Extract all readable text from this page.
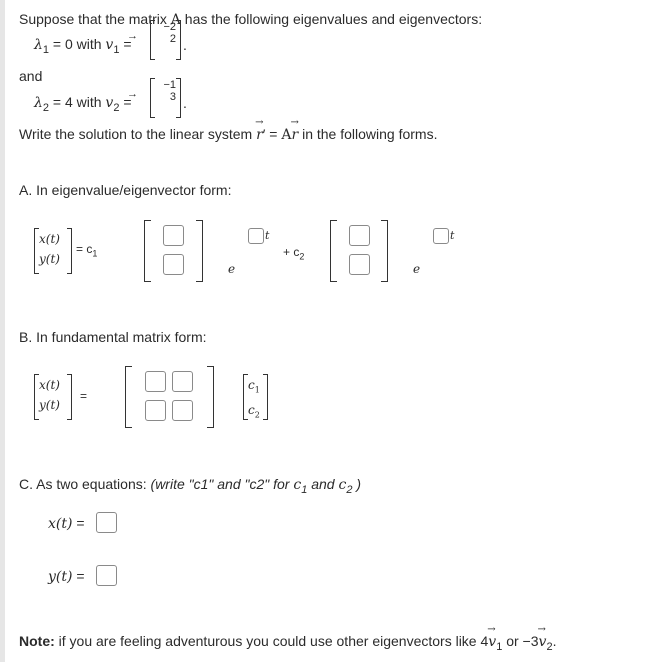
Suppose that the matrix A has the following eigenvalues and eigenvectors:
$\lambda_1 = 0$ with $v_1$ =
→
−2
2 .
and
$\lambda_2 = 4$ with $v_2$ =
→
−1
3 .
Write the solution to the linear system r
→
′ = Ar
→
in the following forms.
A. In eigenvalue/eigenvector form:
x(t)
y(t)
= $c_1$
e
t
+ $c_2$
e
t
B. In fundamental matrix form:
x(t)
y(t)
=
$c_1$
$c_2$
C. As two equations: (write "c1" and "c2" for $c_1$ and $c_2$ )
x(t) =
y(t) =
Note: if you are feeling adventurous you could use other eigenvectors like 4v
→
$_1$ or −3v
→
$_2$.
